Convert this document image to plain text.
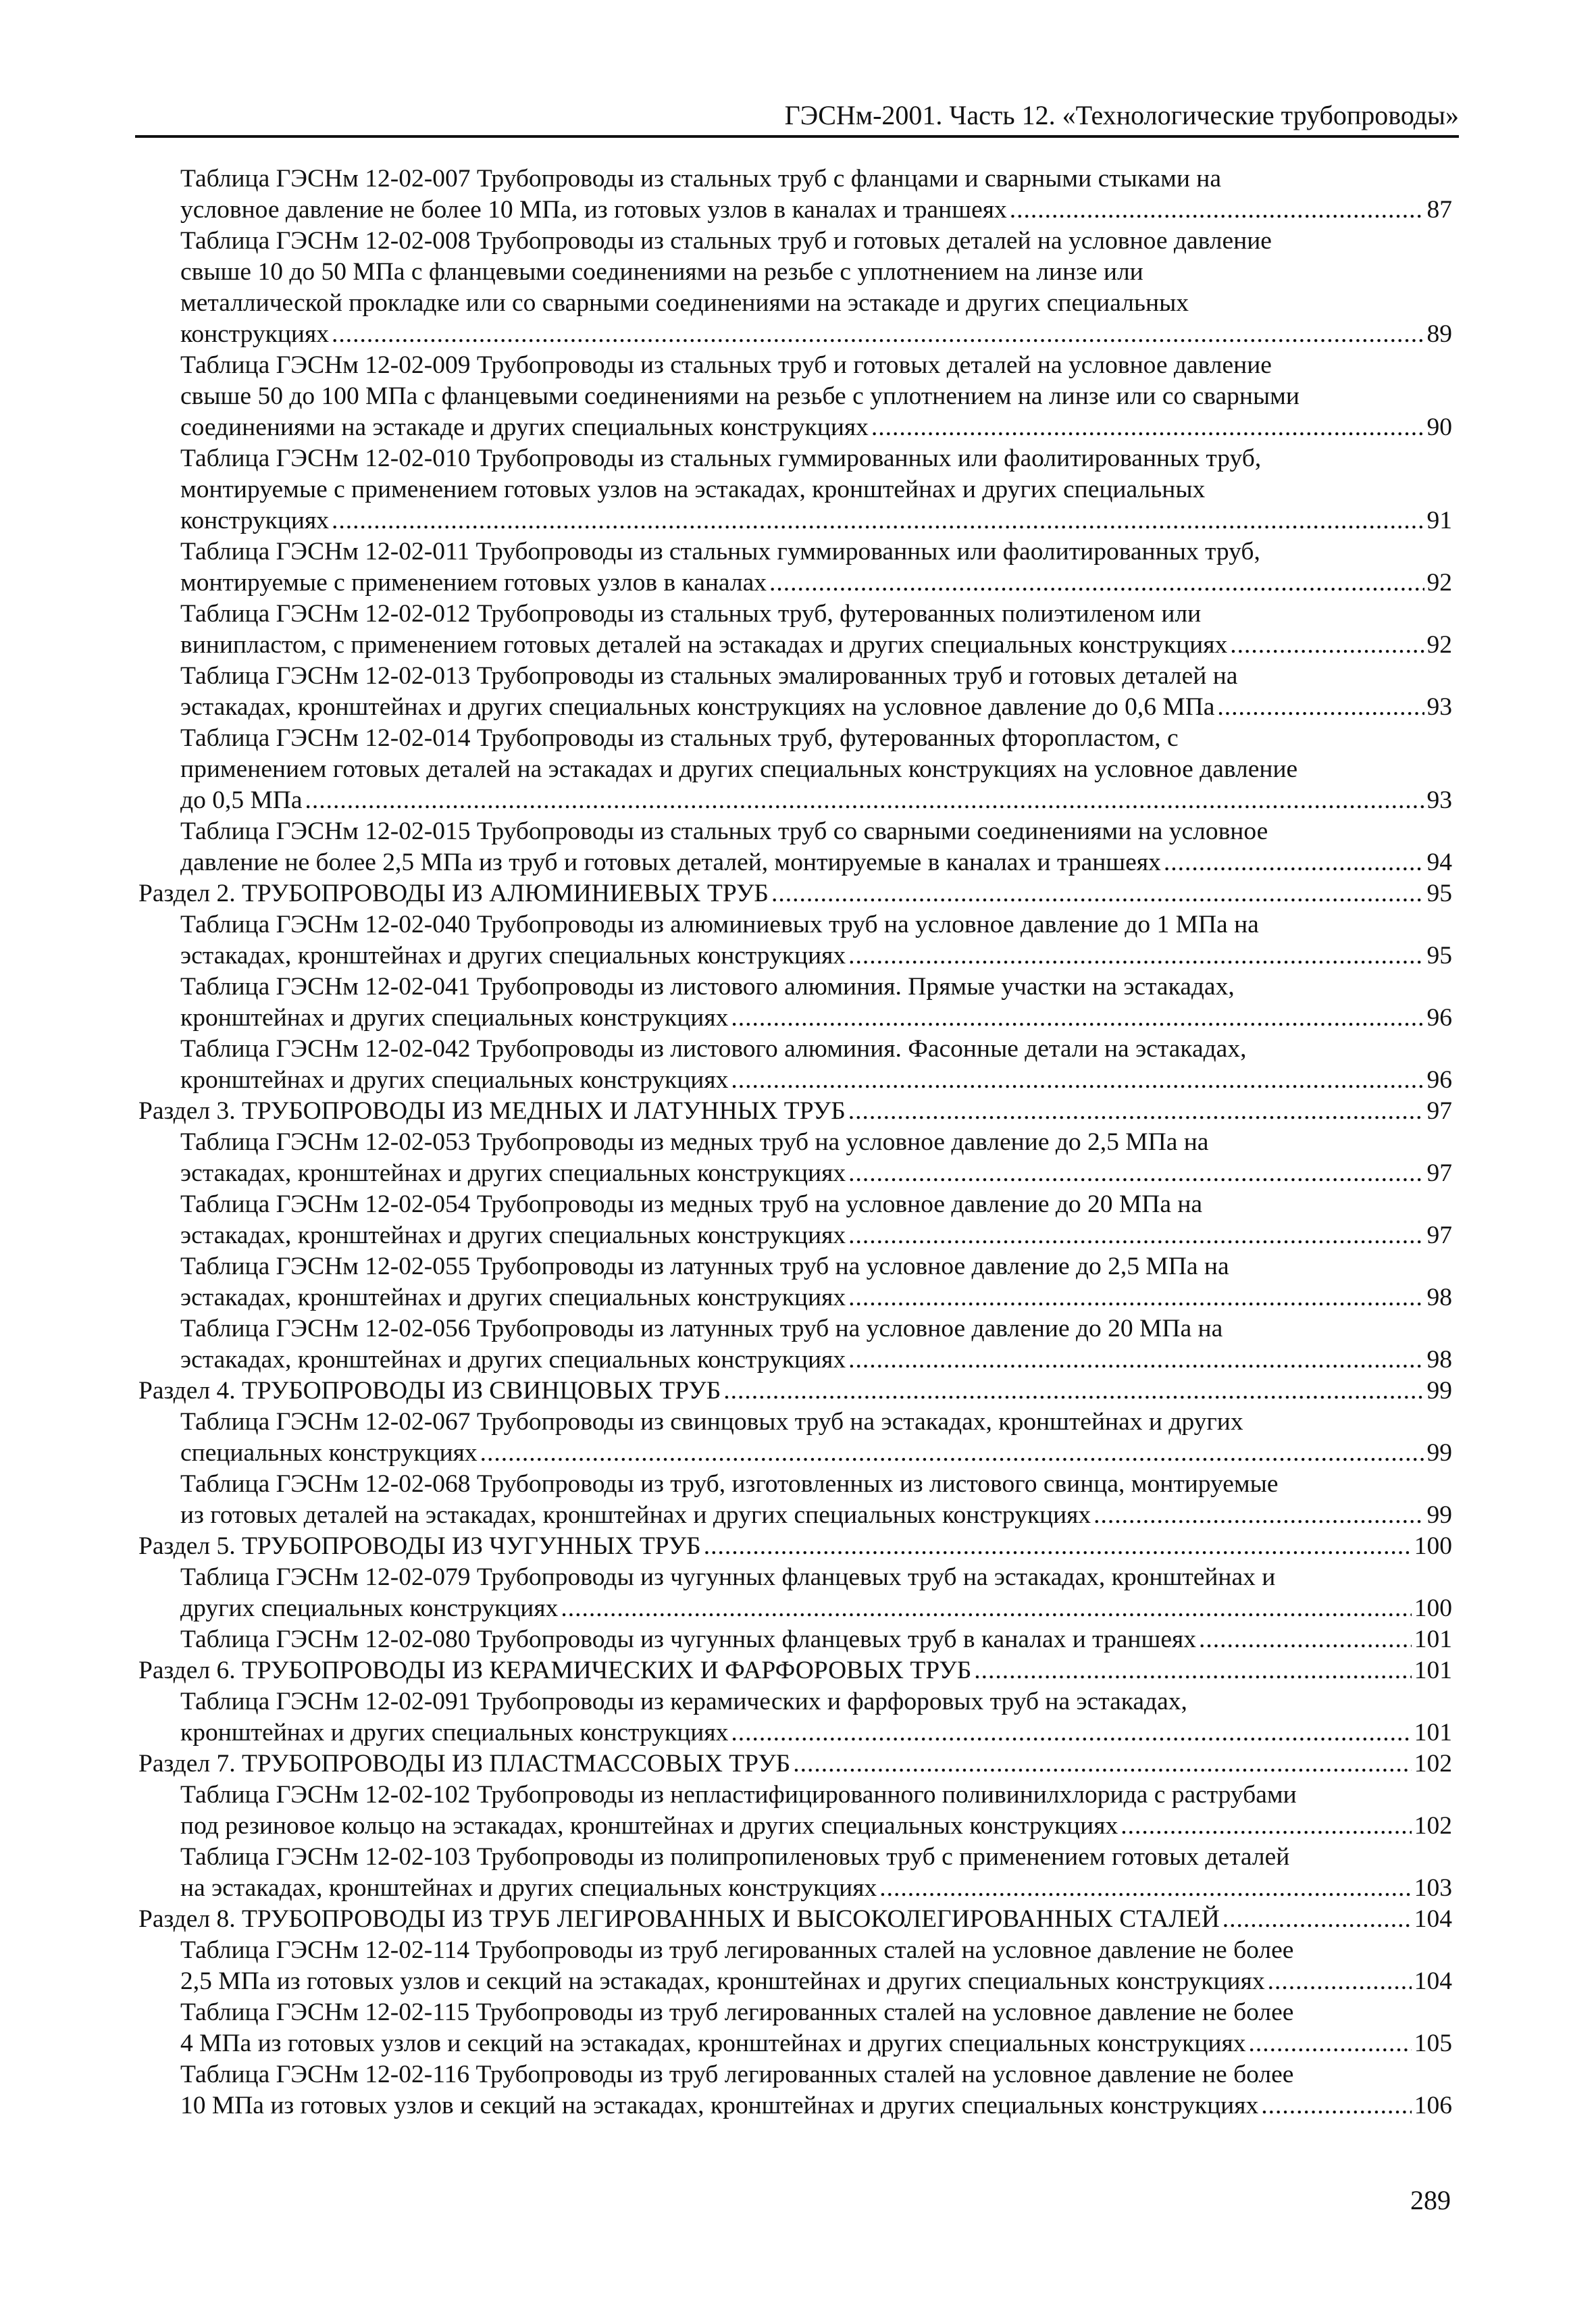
ГЭСНм-2001. Часть 12. «Технологические трубопроводы»
Таблица ГЭСНм 12-02-007 Трубопроводы из стальных труб с фланцами и сварными стыками на
условное давление не более 10 МПа, из готовых узлов в каналах и траншеях .....	87
Таблица ГЭСНм 12-02-008 Трубопроводы из стальных труб и готовых деталей на условное давление
свыше 10 до 50 МПа с фланцевыми соединениями на резьбе с уплотнением на линзе или
металлической прокладке или со сварными соединениями на эстакаде и других специальных
конструкциях .....	89
Таблица ГЭСНм 12-02-009 Трубопроводы из стальных труб и готовых деталей на условное давление
свыше 50 до 100 МПа с фланцевыми соединениями на резьбе с уплотнением на линзе или со сварными
соединениями на эстакаде и других специальных конструкциях .....	90
Таблица ГЭСНм 12-02-010 Трубопроводы из стальных гуммированных или фаолитированных труб,
монтируемые с применением готовых узлов на эстакадах, кронштейнах и других специальных
конструкциях .....	91
Таблица ГЭСНм 12-02-011 Трубопроводы из стальных гуммированных или фаолитированных труб,
монтируемые с применением готовых узлов в каналах .....	92
Таблица ГЭСНм 12-02-012 Трубопроводы из стальных труб, футерованных полиэтиленом или
винипластом, с применением готовых деталей на эстакадах и других специальных конструкциях .....	92
Таблица ГЭСНм 12-02-013 Трубопроводы из стальных эмалированных труб и готовых деталей на
эстакадах, кронштейнах и других специальных конструкциях на условное давление до 0,6 МПа .....	93
Таблица ГЭСНм 12-02-014 Трубопроводы из стальных труб, футерованных фторопластом, с
применением готовых деталей на эстакадах и других специальных конструкциях на условное давление
до 0,5 МПа .....	93
Таблица ГЭСНм 12-02-015 Трубопроводы из стальных труб со сварными соединениями на условное
давление не более 2,5 МПа из труб и готовых деталей, монтируемые в каналах и траншеях .....	94
Раздел 2. ТРУБОПРОВОДЫ ИЗ АЛЮМИНИЕВЫХ ТРУБ .....	95
Таблица ГЭСНм 12-02-040 Трубопроводы из алюминиевых труб на условное давление до 1 МПа на
эстакадах, кронштейнах и других специальных конструкциях .....	95
Таблица ГЭСНм 12-02-041 Трубопроводы из листового алюминия. Прямые участки на эстакадах,
кронштейнах и других специальных конструкциях .....	96
Таблица ГЭСНм 12-02-042 Трубопроводы из листового алюминия. Фасонные детали на эстакадах,
кронштейнах и других специальных конструкциях .....	96
Раздел 3. ТРУБОПРОВОДЫ ИЗ МЕДНЫХ И ЛАТУННЫХ ТРУБ .....	97
Таблица ГЭСНм 12-02-053 Трубопроводы из медных труб на условное давление до 2,5 МПа на
эстакадах, кронштейнах и других специальных конструкциях .....	97
Таблица ГЭСНм 12-02-054 Трубопроводы из медных труб на условное давление до 20 МПа на
эстакадах, кронштейнах и других специальных конструкциях .....	97
Таблица ГЭСНм 12-02-055 Трубопроводы из латунных труб на условное давление до 2,5 МПа на
эстакадах, кронштейнах и других специальных конструкциях .....	98
Таблица ГЭСНм 12-02-056 Трубопроводы из латунных труб на условное давление до 20 МПа на
эстакадах, кронштейнах и других специальных конструкциях .....	98
Раздел 4. ТРУБОПРОВОДЫ ИЗ СВИНЦОВЫХ ТРУБ .....	99
Таблица ГЭСНм 12-02-067 Трубопроводы из свинцовых труб на эстакадах, кронштейнах и других
специальных конструкциях .....	99
Таблица ГЭСНм 12-02-068 Трубопроводы из труб, изготовленных из листового свинца, монтируемые
из готовых деталей на эстакадах, кронштейнах и других специальных конструкциях .....	99
Раздел 5. ТРУБОПРОВОДЫ ИЗ ЧУГУННЫХ ТРУБ .....	100
Таблица ГЭСНм 12-02-079 Трубопроводы из чугунных фланцевых труб на эстакадах, кронштейнах и
других специальных конструкциях .....	100
Таблица ГЭСНм 12-02-080 Трубопроводы из чугунных фланцевых труб в каналах и траншеях .....	101
Раздел 6. ТРУБОПРОВОДЫ ИЗ КЕРАМИЧЕСКИХ И ФАРФОРОВЫХ ТРУБ .....	101
Таблица ГЭСНм 12-02-091 Трубопроводы из керамических и фарфоровых труб на эстакадах,
кронштейнах и других специальных конструкциях .....	101
Раздел 7. ТРУБОПРОВОДЫ ИЗ ПЛАСТМАССОВЫХ ТРУБ .....	102
Таблица ГЭСНм 12-02-102 Трубопроводы из непластифицированного поливинилхлорида с раструбами
под резиновое кольцо на эстакадах, кронштейнах и других специальных конструкциях .....	102
Таблица ГЭСНм 12-02-103 Трубопроводы из полипропиленовых труб с применением готовых деталей
на эстакадах, кронштейнах и других специальных конструкциях .....	103
Раздел 8. ТРУБОПРОВОДЫ ИЗ ТРУБ ЛЕГИРОВАННЫХ И ВЫСОКОЛЕГИРОВАННЫХ СТАЛЕЙ .....	104
Таблица ГЭСНм 12-02-114 Трубопроводы из труб легированных сталей на условное давление не более
2,5 МПа из готовых узлов и секций на эстакадах, кронштейнах и других специальных конструкциях .....	104
Таблица ГЭСНм 12-02-115 Трубопроводы из труб легированных сталей на условное давление не более
4 МПа из готовых узлов и секций на эстакадах, кронштейнах и других специальных конструкциях .....	105
Таблица ГЭСНм 12-02-116 Трубопроводы из труб легированных сталей на условное давление не более
10 МПа из готовых узлов и секций на эстакадах, кронштейнах и других специальных конструкциях .....	106
289
